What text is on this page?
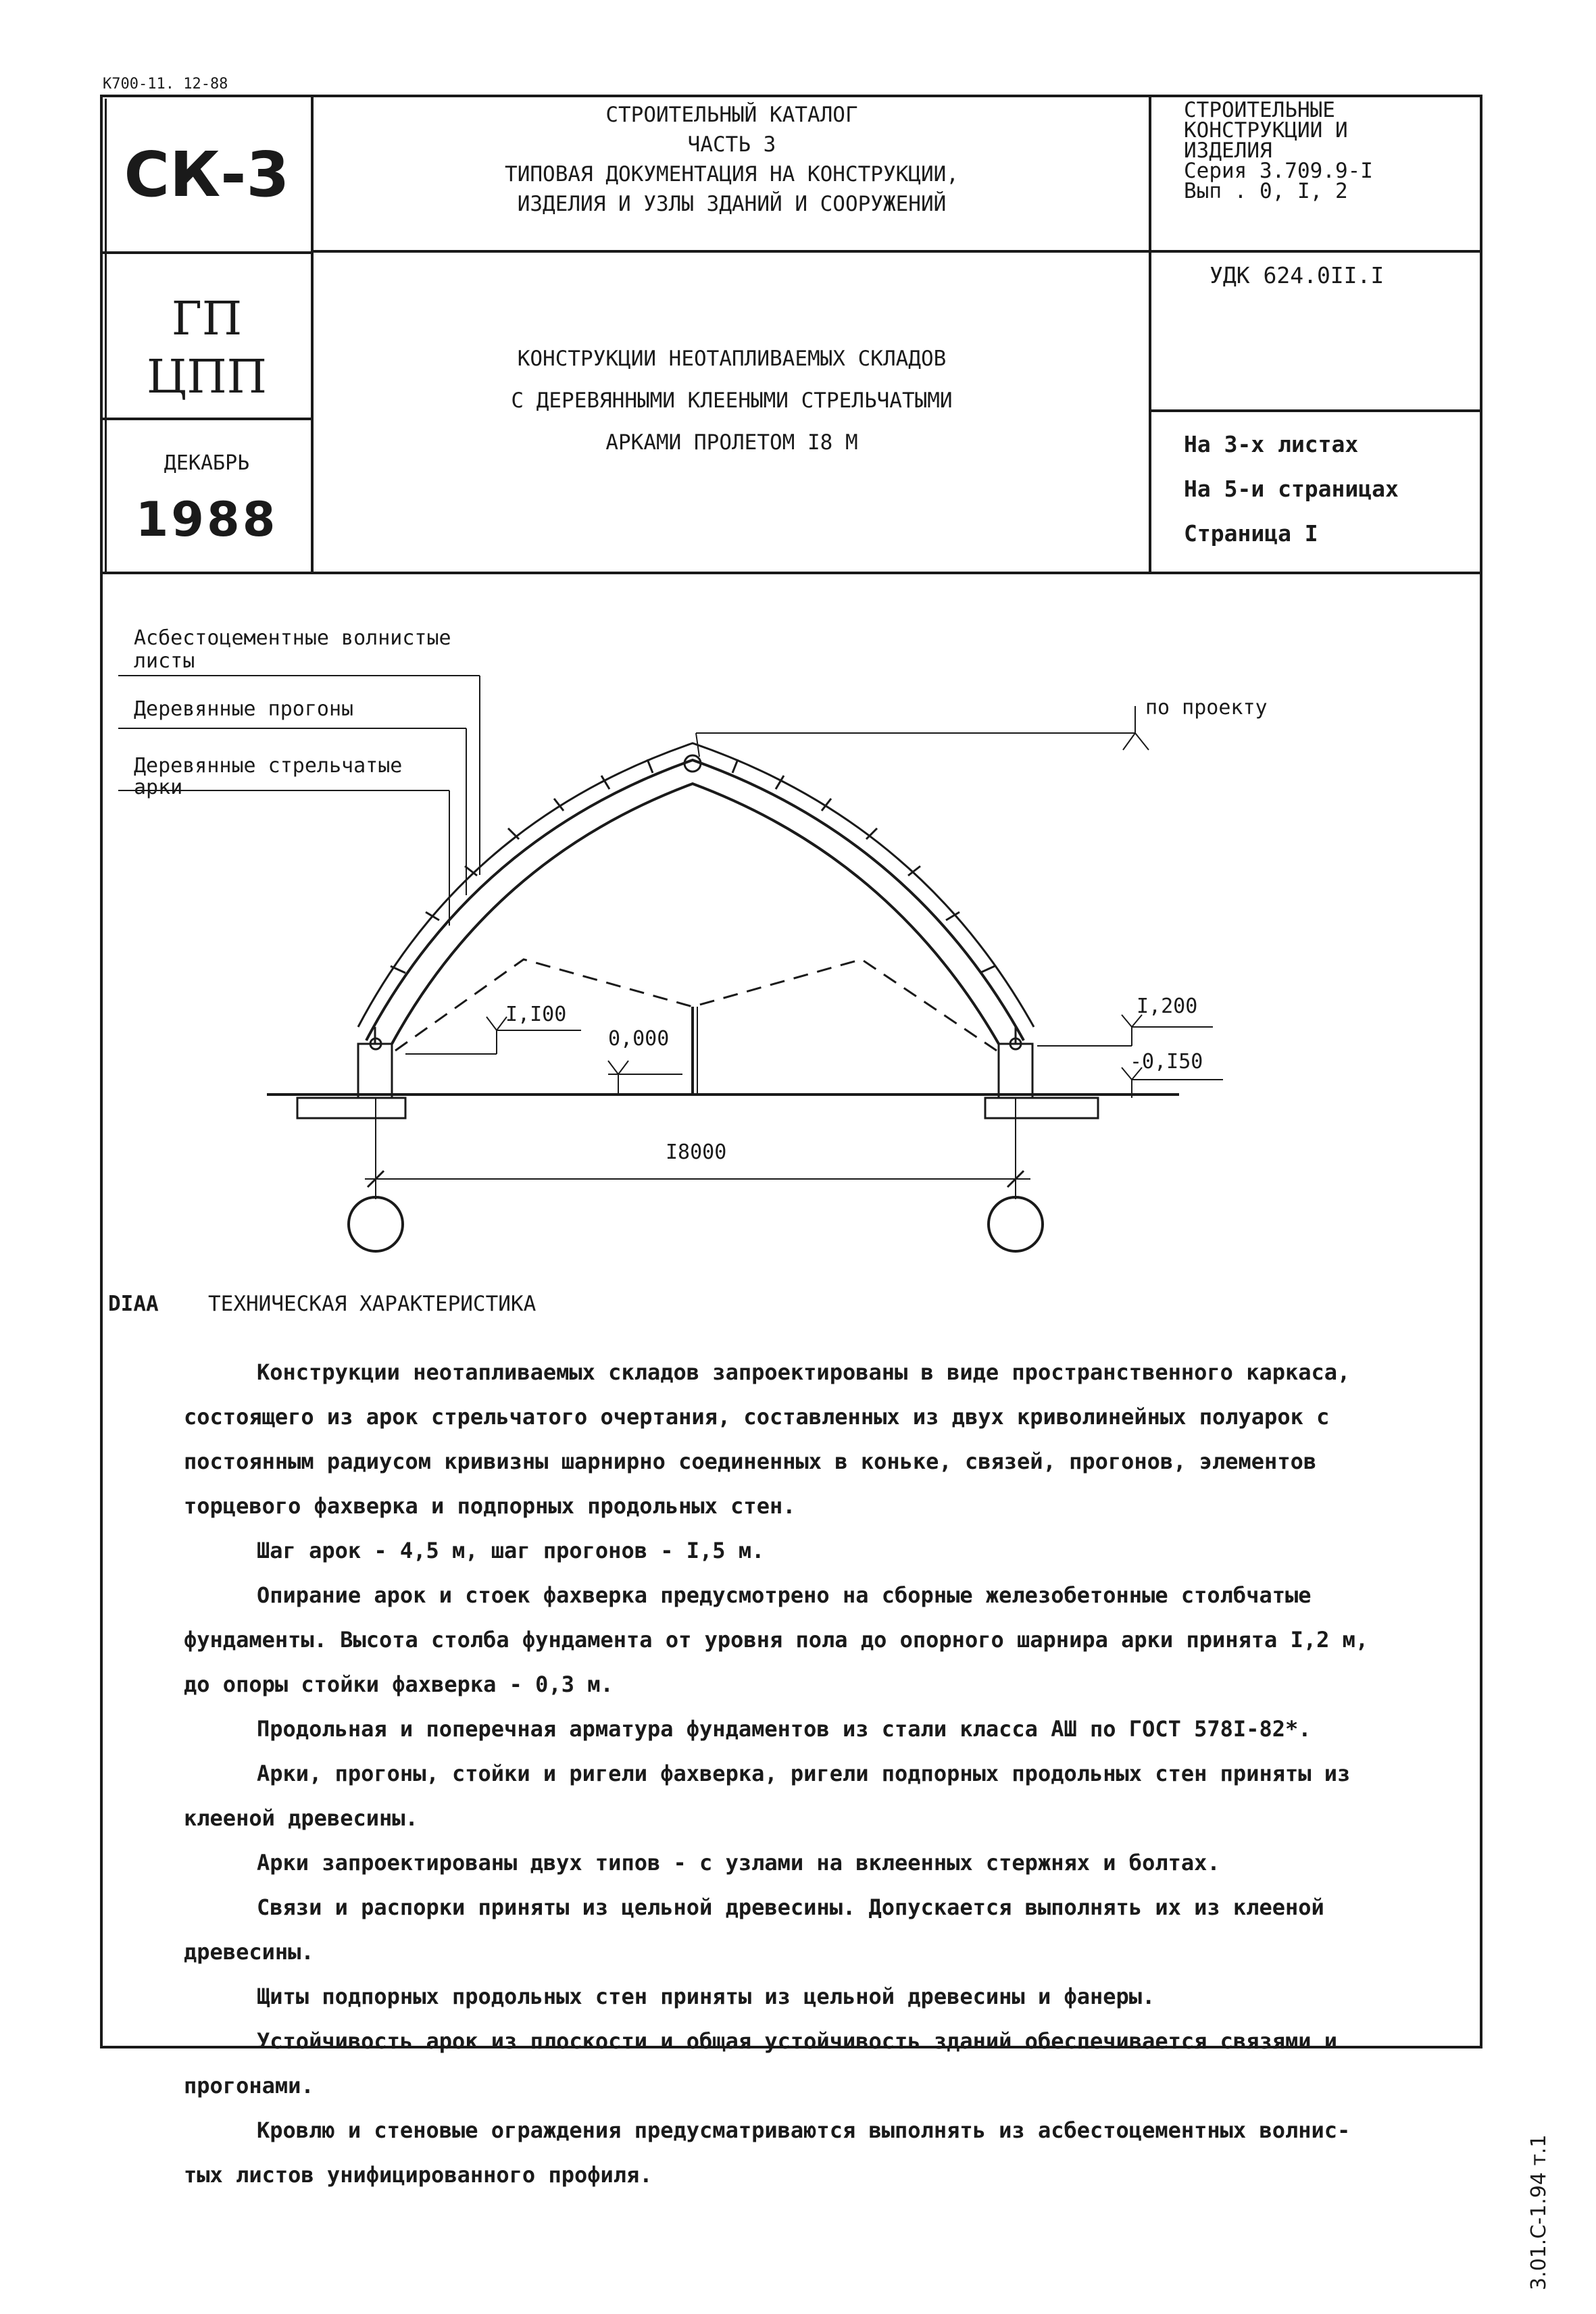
К700-11. 12-88
СК-3
СТРОИТЕЛЬНЫЙ КАТАЛОГ
ЧАСТЬ 3
ТИПОВАЯ ДОКУМЕНТАЦИЯ НА КОНСТРУКЦИИ,
ИЗДЕЛИЯ И УЗЛЫ ЗДАНИЙ И СООРУЖЕНИЙ
СТРОИТЕЛЬНЫЕ
КОНСТРУКЦИИ И
ИЗДЕЛИЯ
Серия 3.709.9-I
Вып . 0, I, 2
ГП
ЦПП	КОНСТРУКЦИИ НЕОТАПЛИВАЕМЫХ СКЛАДОВ
С ДЕРЕВЯННЫМИ КЛЕЕНЫМИ СТРЕЛЬЧАТЫМИ
АРКАМИ ПРОЛЕТОМ I8 М
УДК 624.0II.I
ДЕКАБРЬ
1988
На 3-х листах
На 5-и страницах
Страница I
Асбестоцементные волнистые
листы
Деревянные прогоны
Деревянные стрельчатые
арки
по проекту
I,I00
0,000
I,200
-0,I50
I8000
DIAA ТЕХНИЧЕСКАЯ ХАРАКТЕРИСТИКА
Конструкции неотапливаемых складов запроектированы в виде пространственного каркаса,
состоящего из арок стрельчатого очертания, составленных из двух криволинейных полуарок с
постоянным радиусом кривизны шарнирно соединенных в коньке, связей, прогонов, элементов
торцевого фахверка и подпорных продольных стен.
Шаг арок - 4,5 м, шаг прогонов - I,5 м.
Опирание арок и стоек фахверка предусмотрено на сборные железобетонные столбчатые
фундаменты. Высота столба фундамента от уровня пола до опорного шарнира арки принята I,2 м,
до опоры стойки фахверка - 0,3 м.
Продольная и поперечная арматура фундаментов из стали класса АШ по ГОСТ 578I-82*.
Арки, прогоны, стойки и ригели фахверка, ригели подпорных продольных стен приняты из
клееной древесины.
Арки запроектированы двух типов - с узлами на вклеенных стержнях и болтах.
Связи и распорки приняты из цельной древесины. Допускается выполнять их из клееной
древесины.
Щиты подпорных продольных стен приняты из цельной древесины и фанеры.
Устойчивость арок из плоскости и общая устойчивость зданий обеспечивается связями и
прогонами.
Кровлю и стеновые ограждения предусматриваются выполнять из асбестоцементных волнис-
тых листов унифицированного профиля.	3.01.С-1.94 т.1
